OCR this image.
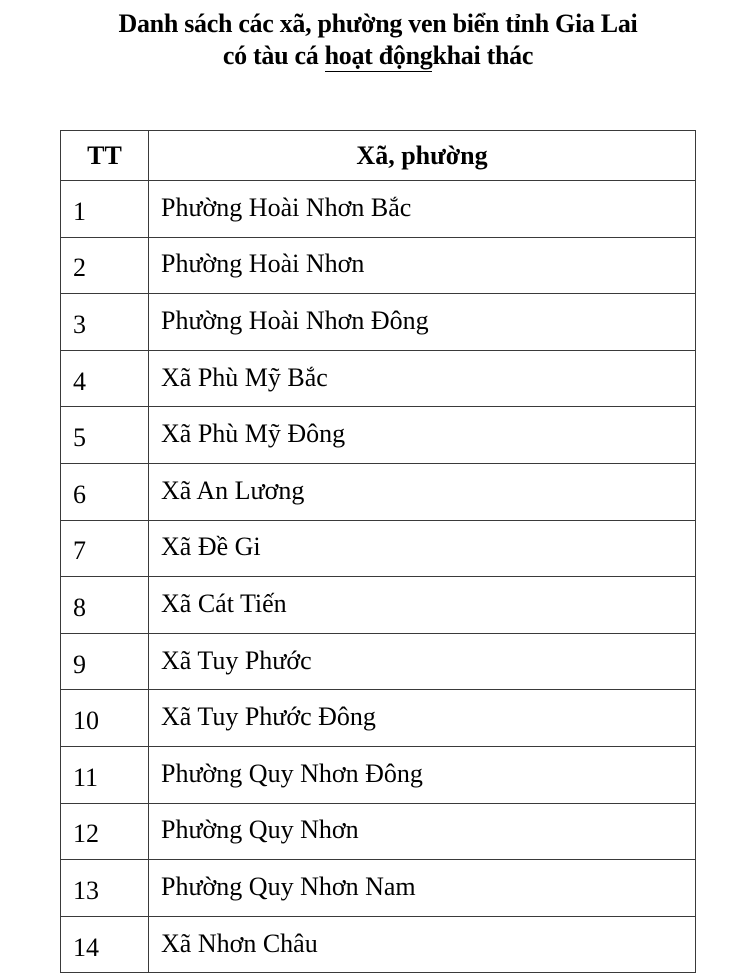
Danh sách các xã, phường ven biển tỉnh Gia Lai
có tàu cá hoạt độngkhai thác
TT	Xã, phường
1	Phường Hoài Nhơn Bắc
2	Phường Hoài Nhơn
3	Phường Hoài Nhơn Đông
4	Xã Phù Mỹ Bắc
5	Xã Phù Mỹ Đông
6	Xã An Lương
7	Xã Đề Gi
8	Xã Cát Tiến
9	Xã Tuy Phước
10	Xã Tuy Phước Đông
11	Phường Quy Nhơn Đông
12	Phường Quy Nhơn
13	Phường Quy Nhơn Nam
14	Xã Nhơn Châu
